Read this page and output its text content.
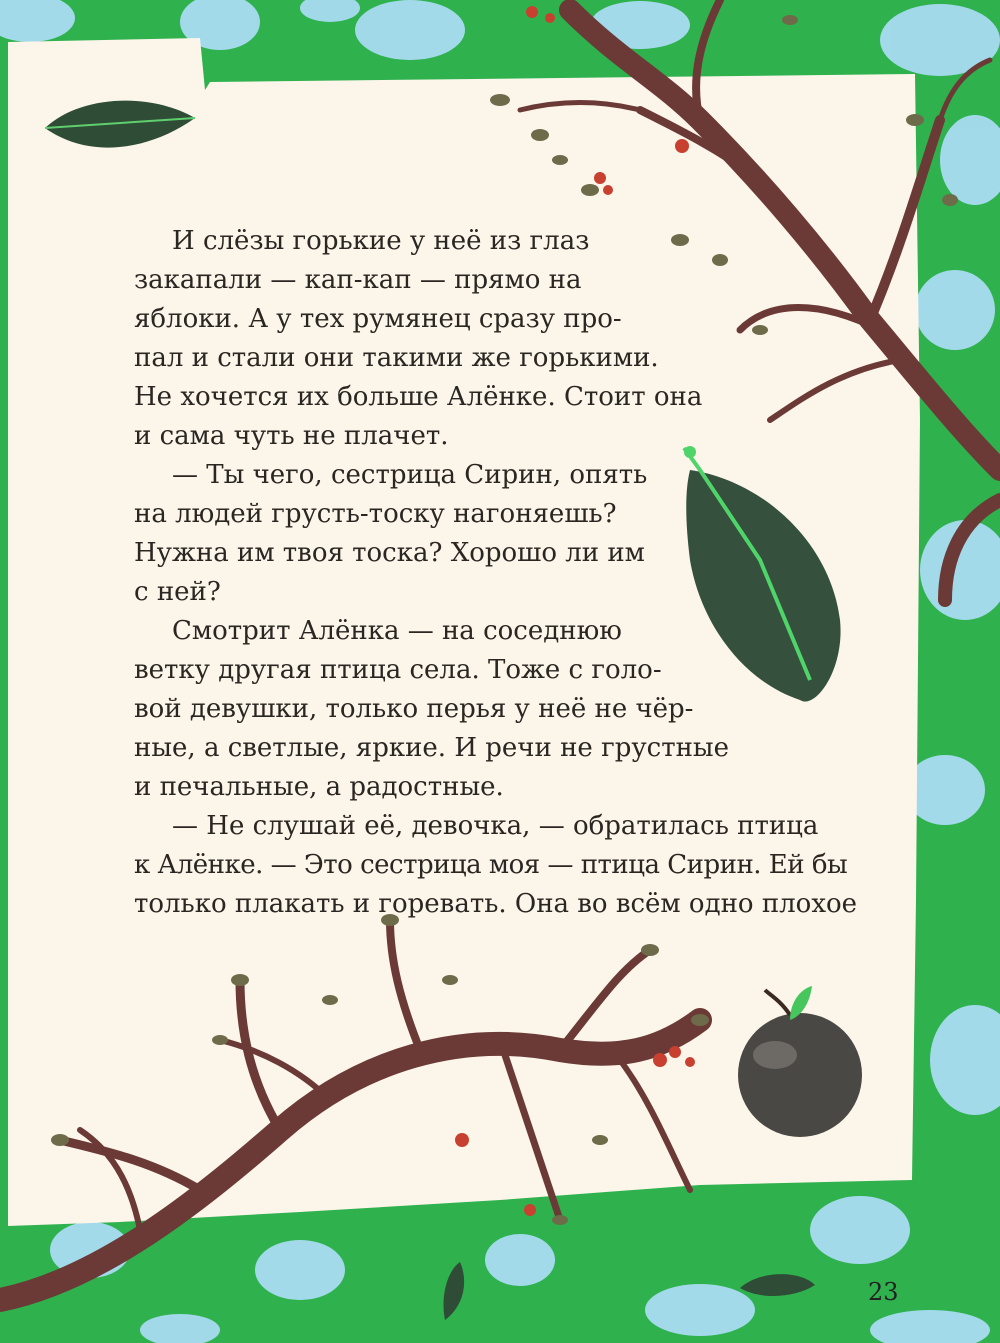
И слёзы горькие у неё из глаз
закапали — кап-кап — прямо на
яблоки. А у тех румянец сразу про-
пал и стали они такими же горькими.
Не хочется их больше Алёнке. Стоит она
и сама чуть не плачет.
— Ты чего, сестрица Сирин, опять
на людей грусть-тоску нагоняешь?
Нужна им твоя тоска? Хорошо ли им
с ней?
Смотрит Алёнка — на соседнюю
ветку другая птица села. Тоже с голо-
вой девушки, только перья у неё не чёр-
ные, а светлые, яркие. И речи не грустные
и печальные, а радостные.
— Не слушай её, девочка, — обратилась птица
к Алёнке. — Это сестрица моя — птица Сирин. Ей бы
только плакать и горевать. Она во всём одно плохое
23
